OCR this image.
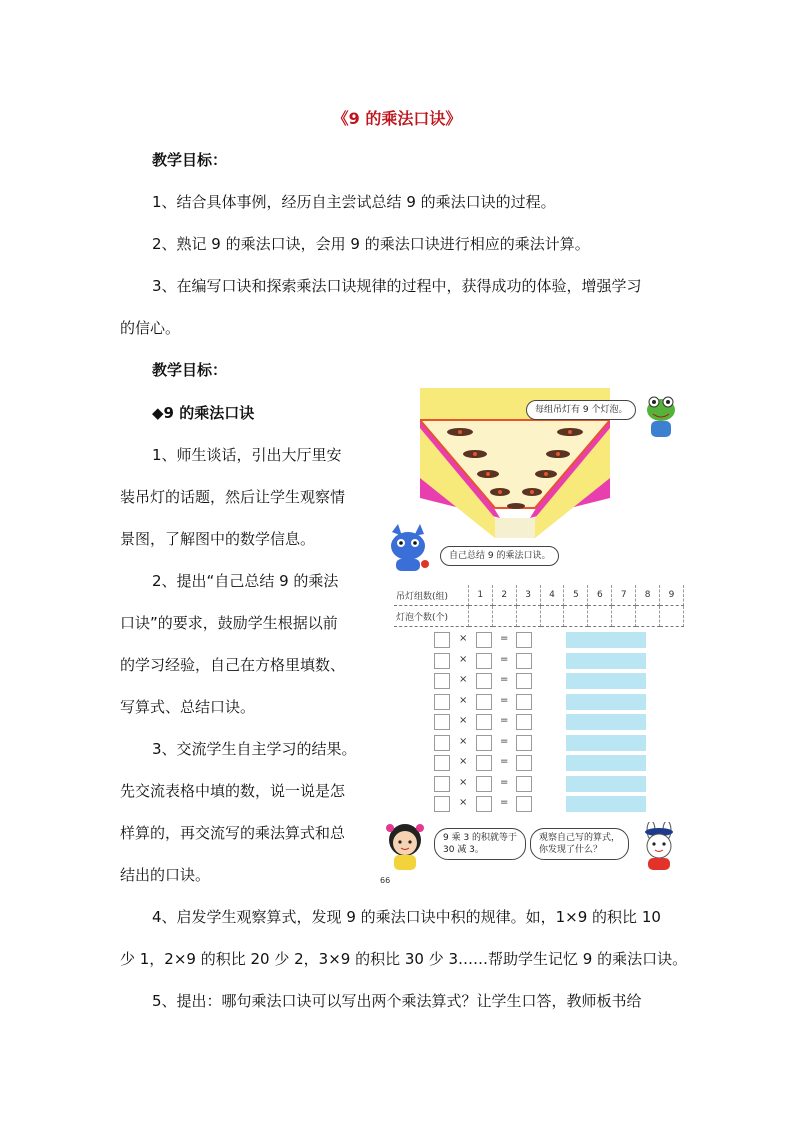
《9 的乘法口诀》
教学目标：
1、结合具体事例，经历自主尝试总结 9 的乘法口诀的过程。
2、熟记 9 的乘法口诀，会用 9 的乘法口诀进行相应的乘法计算。
3、在编写口诀和探索乘法口诀规律的过程中，获得成功的体验，增强学习
的信心。
教学目标：
◆9 的乘法口诀
1、师生谈话，引出大厅里安
装吊灯的话题，然后让学生观察情
景图，了解图中的数学信息。
2、提出“自己总结 9 的乘法
口诀”的要求，鼓励学生根据以前
的学习经验，自己在方格里填数、
写算式、总结口诀。
3、交流学生自主学习的结果。
先交流表格中填的数，说一说是怎
样算的，再交流写的乘法算式和总
结出的口诀。
4、启发学生观察算式，发现 9 的乘法口诀中积的规律。如，1×9 的积比 10
少 1，2×9 的积比 20 少 2，3×9 的积比 30 少 3……帮助学生记忆 9 的乘法口诀。
5、提出：哪句乘法口诀可以写出两个乘法算式？让学生口答，教师板书给
每组吊灯有 9 个灯泡。
自己总结 9 的乘法口诀。
吊灯组数(组)	1	2	3	4	5	6	7	8	9
灯泡个数(个)									
×	=
×	=
×	=
×	=
×	=
×	=
×	=
×	=
×	=
9 乘 3 的积就等于
30 减 3。
观察自己写的算式，
你发现了什么？
66
